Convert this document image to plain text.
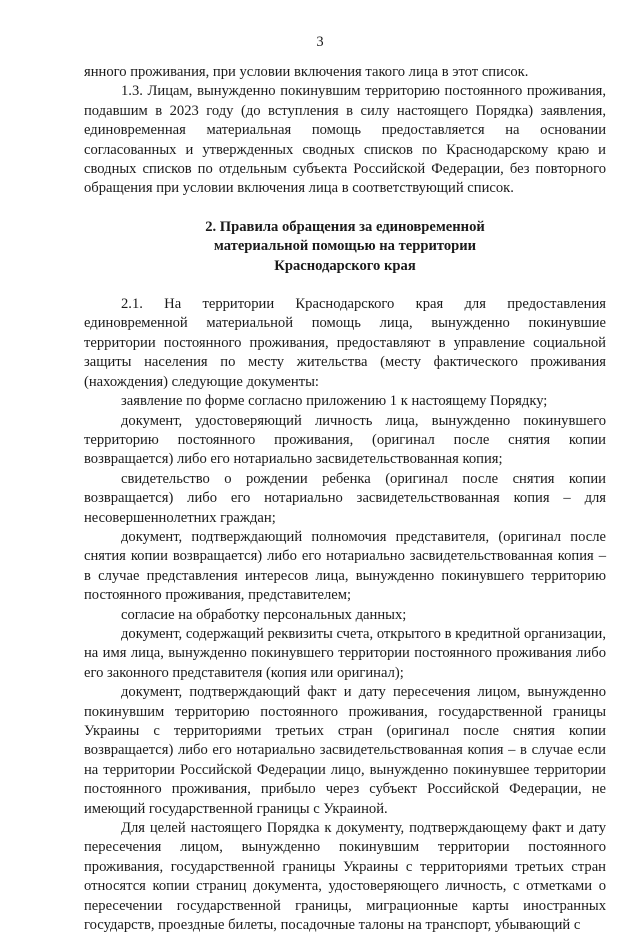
3

янного проживания, при условии включения такого лица в этот список.

1.3. Лицам, вынужденно покинувшим территорию постоянного проживания, подавшим в 2023 году (до вступления в силу настоящего Порядка) заявления, единовременная материальная помощь предоставляется на основании согласованных и утвержденных сводных списков по Краснодарскому краю и сводных списков по отдельным субъекта Российской Федерации, без повторного обращения при условии включения лица в соответствующий список.

2. Правила обращения за единовременной
материальной помощью на территории
Краснодарского края

2.1. На территории Краснодарского края для предоставления единовременной материальной помощь лица, вынужденно покинувшие территории постоянного проживания, предоставляют в управление социальной защиты населения по месту жительства (месту фактического проживания (нахождения) следующие документы:

заявление по форме согласно приложению 1 к настоящему Порядку;

документ, удостоверяющий личность лица, вынужденно покинувшего территорию постоянного проживания, (оригинал после снятия копии возвращается) либо его нотариально засвидетельствованная копия;

свидетельство о рождении ребенка (оригинал после снятия копии возвращается) либо его нотариально засвидетельствованная копия – для несовершеннолетних граждан;

документ, подтверждающий полномочия представителя, (оригинал после снятия копии возвращается) либо его нотариально засвидетельствованная копия – в случае представления интересов лица, вынужденно покинувшего территорию постоянного проживания, представителем;

согласие на обработку персональных данных;

документ, содержащий реквизиты счета, открытого в кредитной организации, на имя лица, вынужденно покинувшего территории постоянного проживания либо его законного представителя (копия или оригинал);

документ, подтверждающий факт и дату пересечения лицом, вынужденно покинувшим территорию постоянного проживания, государственной границы Украины с территориями третьих стран (оригинал после снятия копии возвращается) либо его нотариально засвидетельствованная копия – в случае если на территории Российской Федерации лицо, вынужденно покинувшее территории постоянного проживания, прибыло через субъект Российской Федерации, не имеющий государственной границы с Украиной.

Для целей настоящего Порядка к документу, подтверждающему факт и дату пересечения лицом, вынужденно покинувшим территории постоянного проживания, государственной границы Украины с территориями третьих стран относятся копии страниц документа, удостоверяющего личность, с отметками о пересечении государственной границы, миграционные карты иностранных государств, проездные билеты, посадочные талоны на транспорт, убывающий с
